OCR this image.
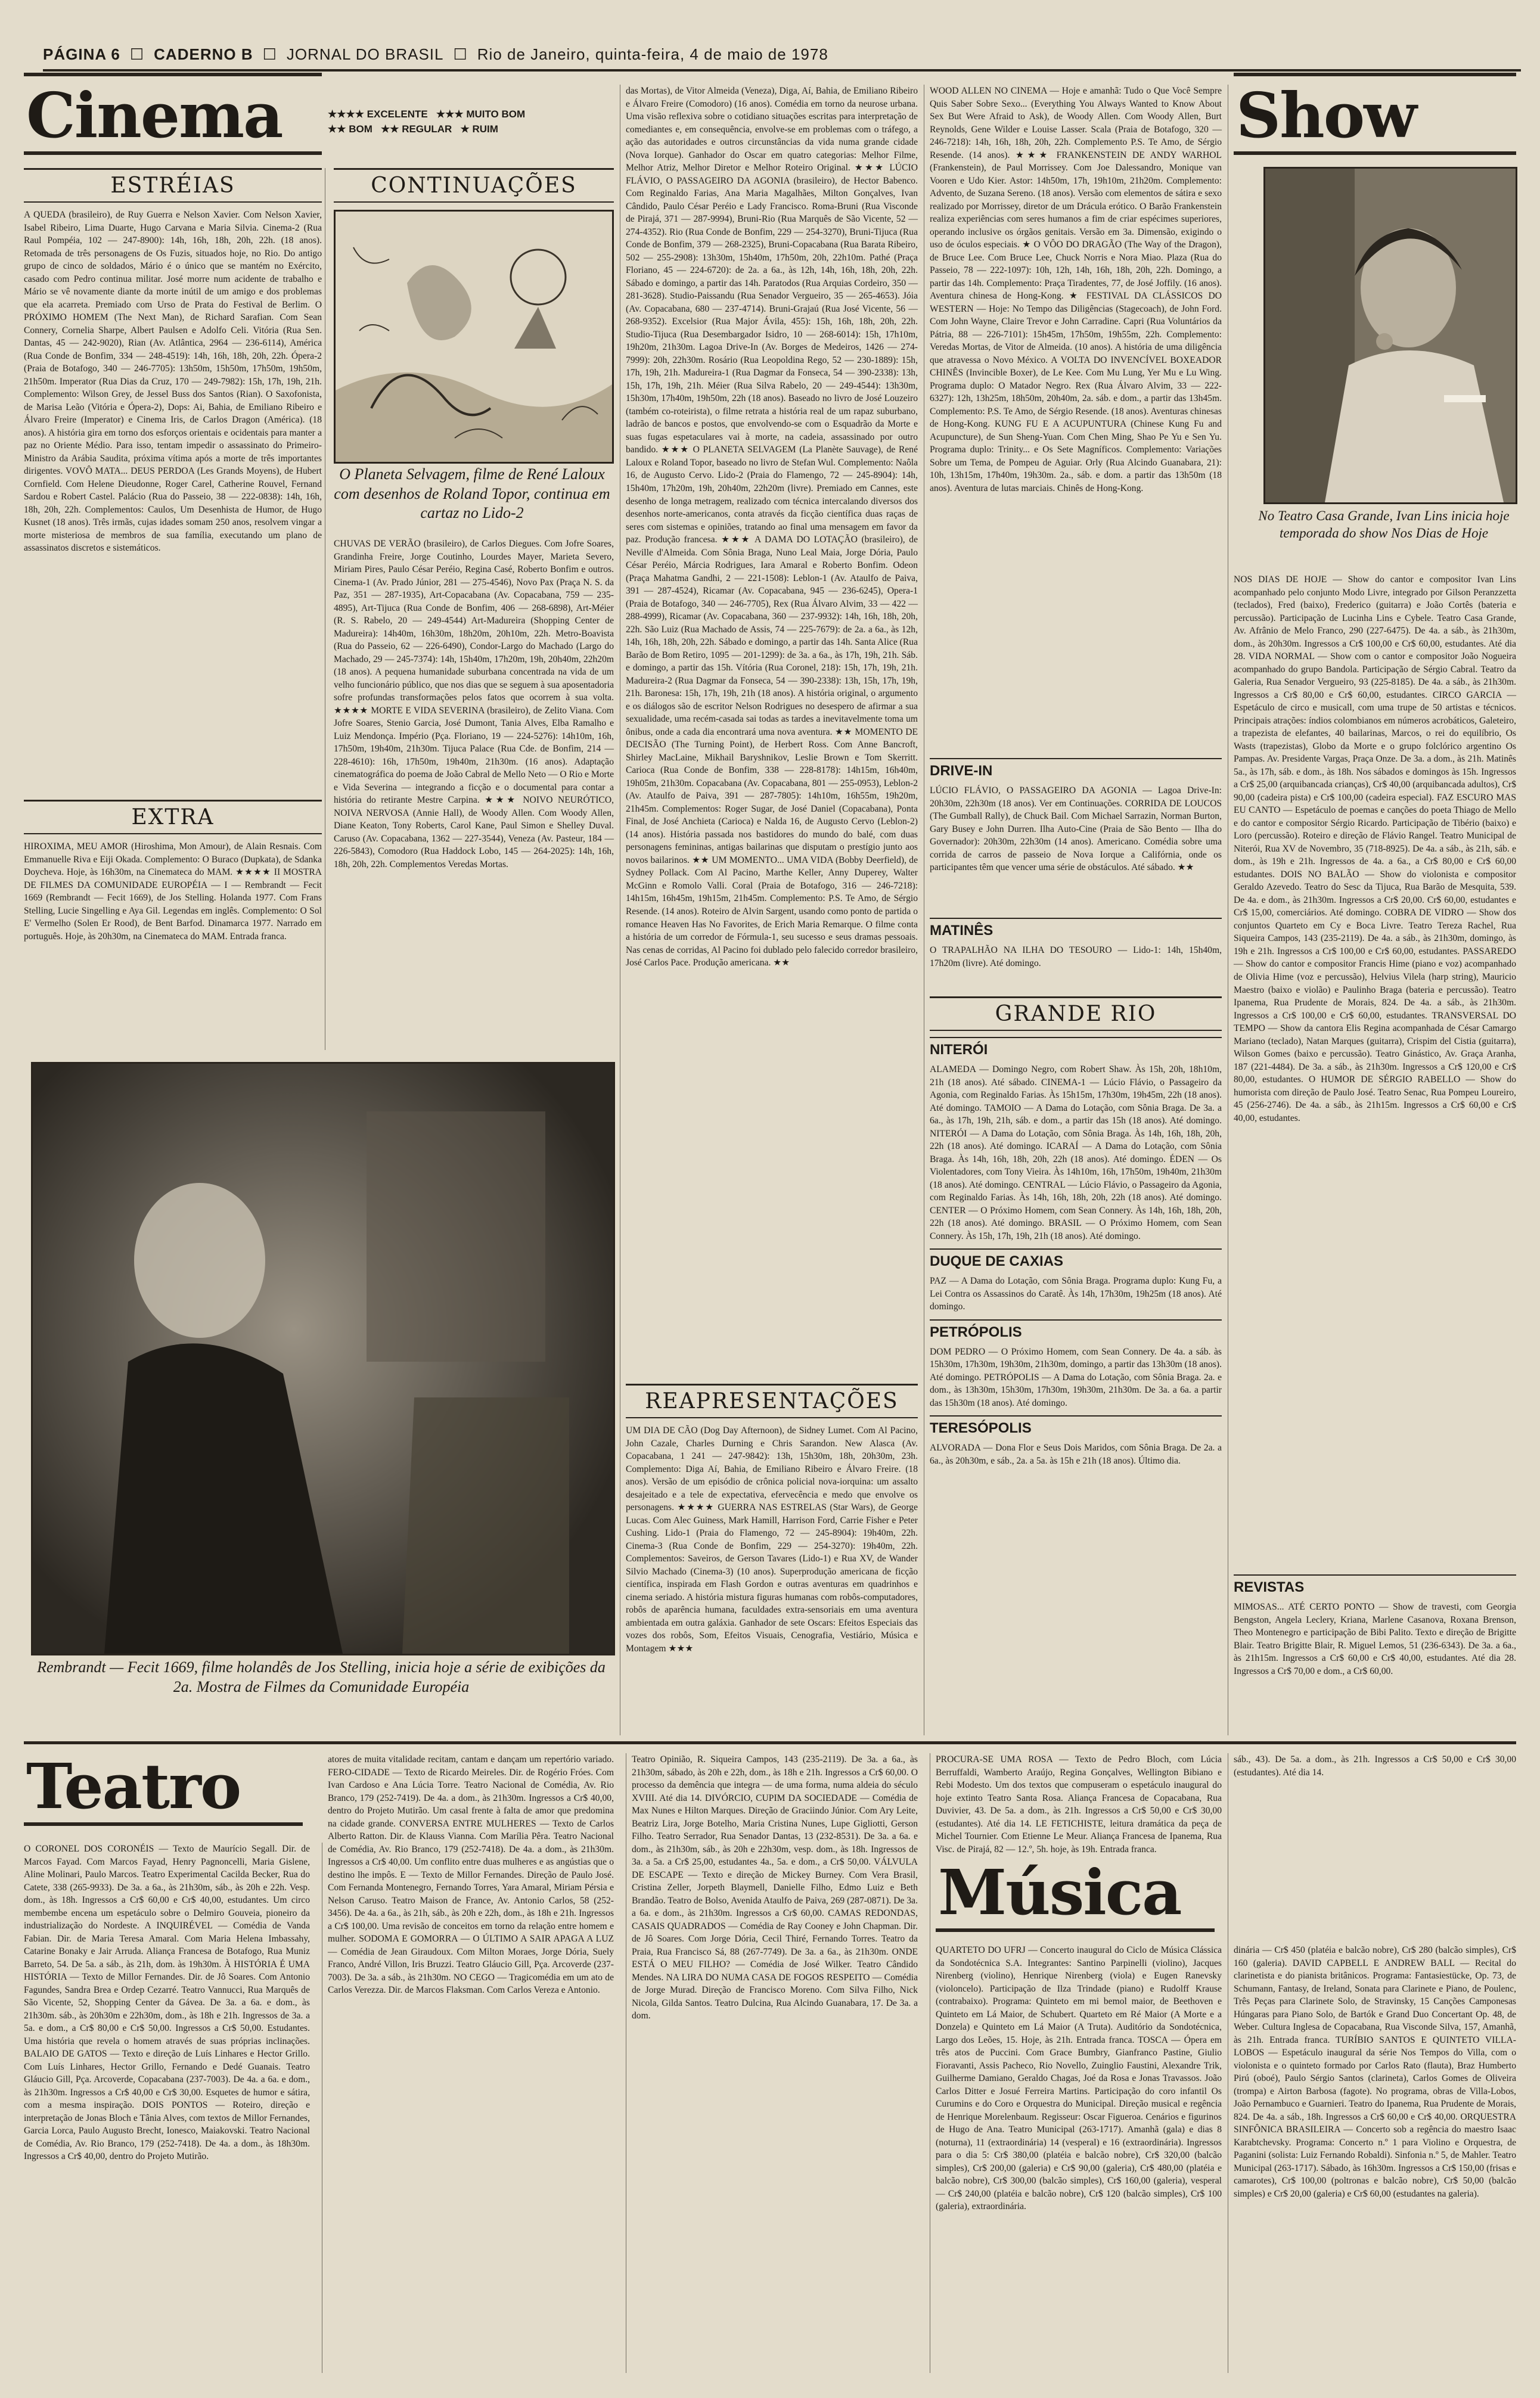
PÁGINA 6 ☐ CADERNO B ☐ JORNAL DO BRASIL ☐ Rio de Janeiro, quinta-feira, 4 de maio de 1978
Cinema	★★★★ EXCELENTE ★★★ MUITO BOM
★★ BOM ★★ REGULAR ★ RUIM
ESTRÉIAS
A QUEDA (brasileiro), de Ruy Guerra e Nelson Xavier. Com Nelson Xavier, Isabel Ribeiro, Lima Duarte, Hugo Carvana e Maria Silvia. Cinema-2 (Rua Raul Pompéia, 102 — 247-8900): 14h, 16h, 18h, 20h, 22h. (18 anos). Retomada de três personagens de Os Fuzis, situados hoje, no Rio. Do antigo grupo de cinco de soldados, Mário é o único que se mantém no Exército, casado com Pedro continua militar. José morre num acidente de trabalho e Mário se vê novamente diante da morte inútil de um amigo e dos problemas que ela acarreta. Premiado com Urso de Prata do Festival de Berlim. O PRÓXIMO HOMEM (The Next Man), de Richard Sarafian. Com Sean Connery, Cornelia Sharpe, Albert Paulsen e Adolfo Celi. Vitória (Rua Sen. Dantas, 45 — 242-9020), Rian (Av. Atlântica, 2964 — 236-6114), América (Rua Conde de Bonfim, 334 — 248-4519): 14h, 16h, 18h, 20h, 22h. Ópera-2 (Praia de Botafogo, 340 — 246-7705): 13h50m, 15h50m, 17h50m, 19h50m, 21h50m. Imperator (Rua Dias da Cruz, 170 — 249-7982): 15h, 17h, 19h, 21h. Complemento: Wilson Grey, de Jessel Buss dos Santos (Rian). O Saxofonista, de Marisa Leão (Vitória e Ópera-2), Dops: Ai, Bahia, de Emiliano Ribeiro e Álvaro Freire (Imperator) e Cinema Iris, de Carlos Dragon (América). (18 anos). A história gira em torno dos esforços orientais e ocidentais para manter a paz no Oriente Médio. Para isso, tentam impedir o assassinato do Primeiro-Ministro da Arábia Saudita, próxima vítima após a morte de três importantes dirigentes. VOVÔ MATA... DEUS PERDOA (Les Grands Moyens), de Hubert Cornfield. Com Helene Dieudonne, Roger Carel, Catherine Rouvel, Fernand Sardou e Robert Castel. Palácio (Rua do Passeio, 38 — 222-0838): 14h, 16h, 18h, 20h, 22h. Complementos: Caulos, Um Desenhista de Humor, de Hugo Kusnet (18 anos). Três irmãs, cujas idades somam 250 anos, resolvem vingar a morte misteriosa de membros de sua família, executando um plano de assassinatos discretos e sistemáticos.
EXTRA
HIROXIMA, MEU AMOR (Hiroshima, Mon Amour), de Alain Resnais. Com Emmanuelle Riva e Eiji Okada. Complemento: O Buraco (Dupkata), de Sdanka Doycheva. Hoje, às 16h30m, na Cinemateca do MAM. ★★★★ II MOSTRA DE FILMES DA COMUNIDADE EUROPÉIA — I — Rembrandt — Fecit 1669 (Rembrandt — Fecit 1669), de Jos Stelling. Holanda 1977. Com Frans Stelling, Lucie Singelling e Aya Gil. Legendas em inglês. Complemento: O Sol E' Vermelho (Solen Er Rood), de Bent Barfod. Dinamarca 1977. Narrado em português. Hoje, às 20h30m, na Cinemateca do MAM. Entrada franca.
CONTINUAÇÕES
O Planeta Selvagem, filme de René Laloux com desenhos de Roland Topor, continua em cartaz no Lido-2
CHUVAS DE VERÃO (brasileiro), de Carlos Diegues. Com Jofre Soares, Grandinha Freire, Jorge Coutinho, Lourdes Mayer, Marieta Severo, Miriam Pires, Paulo César Peréio, Regina Casé, Roberto Bonfim e outros. Cinema-1 (Av. Prado Júnior, 281 — 275-4546), Novo Pax (Praça N. S. da Paz, 351 — 287-1935), Art-Copacabana (Av. Copacabana, 759 — 235-4895), Art-Tijuca (Rua Conde de Bonfim, 406 — 268-6898), Art-Méier (R. S. Rabelo, 20 — 249-4544) Art-Madureira (Shopping Center de Madureira): 14h40m, 16h30m, 18h20m, 20h10m, 22h. Metro-Boavista (Rua do Passeio, 62 — 226-6490), Condor-Largo do Machado (Largo do Machado, 29 — 245-7374): 14h, 15h40m, 17h20m, 19h, 20h40m, 22h20m (18 anos). A pequena humanidade suburbana concentrada na vida de um velho funcionário público, que nos dias que se seguem à sua aposentadoria sofre profundas transformações pelos fatos que ocorrem à sua volta. ★★★★ MORTE E VIDA SEVERINA (brasileiro), de Zelito Viana. Com Jofre Soares, Stenio Garcia, José Dumont, Tania Alves, Elba Ramalho e Luiz Mendonça. Império (Pça. Floriano, 19 — 224-5276): 14h10m, 16h, 17h50m, 19h40m, 21h30m. Tijuca Palace (Rua Cde. de Bonfim, 214 — 228-4610): 16h, 17h50m, 19h40m, 21h30m. (16 anos). Adaptação cinematográfica do poema de João Cabral de Mello Neto — O Rio e Morte e Vida Severina — integrando a ficção e o documental para contar a história do retirante Mestre Carpina. ★★★ NOIVO NEURÓTICO, NOIVA NERVOSA (Annie Hall), de Woody Allen. Com Woody Allen, Diane Keaton, Tony Roberts, Carol Kane, Paul Simon e Shelley Duval. Caruso (Av. Copacabana, 1362 — 227-3544), Veneza (Av. Pasteur, 184 — 226-5843), Comodoro (Rua Haddock Lobo, 145 — 264-2025): 14h, 16h, 18h, 20h, 22h. Complementos Veredas Mortas.
Rembrandt — Fecit 1669, filme holandês de Jos Stelling, inicia hoje a série de exibições da 2a. Mostra de Filmes da Comunidade Européia
das Mortas), de Vitor Almeida (Veneza), Diga, Aí, Bahia, de Emiliano Ribeiro e Álvaro Freire (Comodoro) (16 anos). Comédia em torno da neurose urbana. Uma visão reflexiva sobre o cotidiano situações escritas para interpretação de comediantes e, em consequência, envolve-se em problemas com o tráfego, a ação das autoridades e outros circunstâncias da vida numa grande cidade (Nova Iorque). Ganhador do Oscar em quatro categorias: Melhor Filme, Melhor Atriz, Melhor Diretor e Melhor Roteiro Original. ★★★ LÚCIO FLÁVIO, O PASSAGEIRO DA AGONIA (brasileiro), de Hector Babenco. Com Reginaldo Farias, Ana Maria Magalhães, Milton Gonçalves, Ivan Cândido, Paulo César Peréio e Lady Francisco. Roma-Bruni (Rua Visconde de Pirajá, 371 — 287-9994), Bruni-Rio (Rua Marquês de São Vicente, 52 — 274-4352). Rio (Rua Conde de Bonfim, 229 — 254-3270), Bruni-Tijuca (Rua Conde de Bonfim, 379 — 268-2325), Bruni-Copacabana (Rua Barata Ribeiro, 502 — 255-2908): 13h30m, 15h40m, 17h50m, 20h, 22h10m. Pathé (Praça Floriano, 45 — 224-6720): de 2a. a 6a., às 12h, 14h, 16h, 18h, 20h, 22h. Sábado e domingo, a partir das 14h. Paratodos (Rua Arquias Cordeiro, 350 — 281-3628). Studio-Paissandu (Rua Senador Vergueiro, 35 — 265-4653). Jóia (Av. Copacabana, 680 — 237-4714). Bruni-Grajaú (Rua José Vicente, 56 — 268-9352). Excelsior (Rua Major Ávila, 455): 15h, 16h, 18h, 20h, 22h. Studio-Tijuca (Rua Desembargador Isidro, 10 — 268-6014): 15h, 17h10m, 19h20m, 21h30m. Lagoa Drive-In (Av. Borges de Medeiros, 1426 — 274-7999): 20h, 22h30m. Rosário (Rua Leopoldina Rego, 52 — 230-1889): 15h, 17h, 19h, 21h. Madureira-1 (Rua Dagmar da Fonseca, 54 — 390-2338): 13h, 15h, 17h, 19h, 21h. Méier (Rua Silva Rabelo, 20 — 249-4544): 13h30m, 15h30m, 17h40m, 19h50m, 22h (18 anos). Baseado no livro de José Louzeiro (também co-roteirista), o filme retrata a história real de um rapaz suburbano, ladrão de bancos e postos, que envolvendo-se com o Esquadrão da Morte e suas fugas espetaculares vai à morte, na cadeia, assassinado por outro bandido. ★★★ O PLANETA SELVAGEM (La Planète Sauvage), de René Laloux e Roland Topor, baseado no livro de Stefan Wul. Complemento: Naôla 16, de Augusto Cervo. Lido-2 (Praia do Flamengo, 72 — 245-8904): 14h, 15h40m, 17h20m, 19h, 20h40m, 22h20m (livre). Premiado em Cannes, este desenho de longa metragem, realizado com técnica intercalando diversos dos desenhos norte-americanos, conta através da ficção científica duas raças de seres com sistemas e opiniões, tratando ao final uma mensagem em favor da paz. Produção francesa. ★★★ A DAMA DO LOTAÇÃO (brasileiro), de Neville d'Almeida. Com Sônia Braga, Nuno Leal Maia, Jorge Dória, Paulo César Peréio, Márcia Rodrigues, Iara Amaral e Roberto Bonfim. Odeon (Praça Mahatma Gandhi, 2 — 221-1508): Leblon-1 (Av. Ataulfo de Paiva, 391 — 287-4524), Ricamar (Av. Copacabana, 945 — 236-6245), Opera-1 (Praia de Botafogo, 340 — 246-7705), Rex (Rua Álvaro Alvim, 33 — 422 — 288-4999), Ricamar (Av. Copacabana, 360 — 237-9932): 14h, 16h, 18h, 20h, 22h. São Luiz (Rua Machado de Assis, 74 — 225-7679): de 2a. a 6a., às 12h, 14h, 16h, 18h, 20h, 22h. Sábado e domingo, a partir das 14h. Santa Alice (Rua Barão de Bom Retiro, 1095 — 201-1299): de 3a. a 6a., às 17h, 19h, 21h. Sáb. e domingo, a partir das 15h. Vítória (Rua Coronel, 218): 15h, 17h, 19h, 21h. Madureira-2 (Rua Dagmar da Fonseca, 54 — 390-2338): 13h, 15h, 17h, 19h, 21h. Baronesa: 15h, 17h, 19h, 21h (18 anos). A história original, o argumento e os diálogos são de escritor Nelson Rodrigues no desespero de afirmar a sua sexualidade, uma recém-casada sai todas as tardes a inevitavelmente toma um ônibus, onde a cada dia encontrará uma nova aventura. ★★ MOMENTO DE DECISÃO (The Turning Point), de Herbert Ross. Com Anne Bancroft, Shirley MacLaine, Mikhail Baryshnikov, Leslie Brown e Tom Skerritt. Carioca (Rua Conde de Bonfim, 338 — 228-8178): 14h15m, 16h40m, 19h05m, 21h30m. Copacabana (Av. Copacabana, 801 — 255-0953), Leblon-2 (Av. Ataulfo de Paiva, 391 — 287-7805): 14h10m, 16h55m, 19h20m, 21h45m. Complementos: Roger Sugar, de José Daniel (Copacabana), Ponta Final, de José Anchieta (Carioca) e Nalda 16, de Augusto Cervo (Leblon-2) (14 anos). História passada nos bastidores do mundo do balé, com duas personagens femininas, antigas bailarinas que disputam o prestígio junto aos novos bailarinos. ★★ UM MOMENTO... UMA VIDA (Bobby Deerfield), de Sydney Pollack. Com Al Pacino, Marthe Keller, Anny Duperey, Walter McGinn e Romolo Valli. Coral (Praia de Botafogo, 316 — 246-7218): 14h15m, 16h45m, 19h15m, 21h45m. Complemento: P.S. Te Amo, de Sérgio Resende. (14 anos). Roteiro de Alvin Sargent, usando como ponto de partida o romance Heaven Has No Favorites, de Erich Maria Remarque. O filme conta a história de um corredor de Fórmula-1, seu sucesso e seus dramas pessoais. Nas cenas de corridas, Al Pacino foi dublado pelo falecido corredor brasileiro, José Carlos Pace. Produção americana. ★★
REAPRESENTAÇÕES
UM DIA DE CÃO (Dog Day Afternoon), de Sidney Lumet. Com Al Pacino, John Cazale, Charles Durning e Chris Sarandon. New Alasca (Av. Copacabana, 1 241 — 247-9842): 13h, 15h30m, 18h, 20h30m, 23h. Complemento: Diga Aí, Bahia, de Emiliano Ribeiro e Álvaro Freire. (18 anos). Versão de um episódio de crônica policial nova-iorquina: um assalto desajeitado e a tele de expectativa, efervecência e medo que envolve os personagens. ★★★★ GUERRA NAS ESTRELAS (Star Wars), de George Lucas. Com Alec Guiness, Mark Hamill, Harrison Ford, Carrie Fisher e Peter Cushing. Lido-1 (Praia do Flamengo, 72 — 245-8904): 19h40m, 22h. Cinema-3 (Rua Conde de Bonfim, 229 — 254-3270): 19h40m, 22h. Complementos: Saveiros, de Gerson Tavares (Lido-1) e Rua XV, de Wander Silvio Machado (Cinema-3) (10 anos). Superprodução americana de ficção científica, inspirada em Flash Gordon e outras aventuras em quadrinhos e cinema seriado. A história mistura figuras humanas com robôs-computadores, robôs de aparência humana, faculdades extra-sensoriais em uma aventura ambientada em outra galáxia. Ganhador de sete Oscars: Efeitos Especiais das vozes dos robôs, Som, Efeitos Visuais, Cenografia, Vestiário, Música e Montagem ★★★
WOOD ALLEN NO CINEMA — Hoje e amanhã: Tudo o Que Você Sempre Quis Saber Sobre Sexo... (Everything You Always Wanted to Know About Sex But Were Afraid to Ask), de Woody Allen. Com Woody Allen, Burt Reynolds, Gene Wilder e Louise Lasser. Scala (Praia de Botafogo, 320 — 246-7218): 14h, 16h, 18h, 20h, 22h. Complemento P.S. Te Amo, de Sérgio Resende. (14 anos). ★★★ FRANKENSTEIN DE ANDY WARHOL (Frankenstein), de Paul Morrissey. Com Joe Dalessandro, Monique van Vooren e Udo Kier. Astor: 14h50m, 17h, 19h10m, 21h20m. Complemento: Advento, de Suzana Sereno. (18 anos). Versão com elementos de sátira e sexo realizado por Morrissey, diretor de um Drácula erótico. O Barão Frankenstein realiza experiências com seres humanos a fim de criar espécimes superiores, operando inclusive os órgãos genitais. Versão em 3a. Dimensão, exigindo o uso de óculos especiais. ★ O VÔO DO DRAGÃO (The Way of the Dragon), de Bruce Lee. Com Bruce Lee, Chuck Norris e Nora Miao. Plaza (Rua do Passeio, 78 — 222-1097): 10h, 12h, 14h, 16h, 18h, 20h, 22h. Domingo, a partir das 14h. Complemento: Praça Tiradentes, 77, de José Joffily. (16 anos). Aventura chinesa de Hong-Kong. ★ FESTIVAL DA CLÁSSICOS DO WESTERN — Hoje: No Tempo das Diligências (Stagecoach), de John Ford. Com John Wayne, Claire Trevor e John Carradine. Capri (Rua Voluntários da Pátria, 88 — 226-7101): 15h45m, 17h50m, 19h55m, 22h. Complemento: Veredas Mortas, de Vitor de Almeida. (10 anos). A história de uma diligência que atravessa o Novo México. A VOLTA DO INVENCÍVEL BOXEADOR CHINÊS (Invincible Boxer), de Le Kee. Com Mu Lung, Yer Mu e Lu Wing. Programa duplo: O Matador Negro. Rex (Rua Álvaro Alvim, 33 — 222-6327): 12h, 13h25m, 18h50m, 20h40m, 2a. sáb. e dom., a partir das 13h45m. Complemento: P.S. Te Amo, de Sérgio Resende. (18 anos). Aventuras chinesas de Hong-Kong. KUNG FU E A ACUPUNTURA (Chinese Kung Fu and Acupuncture), de Sun Sheng-Yuan. Com Chen Ming, Shao Pe Yu e Sen Yu. Programa duplo: Trinity... e Os Sete Magníficos. Complemento: Variações Sobre um Tema, de Pompeu de Aguiar. Orly (Rua Alcindo Guanabara, 21): 10h, 13h15m, 17h40m, 19h30m. 2a., sáb. e dom. a partir das 13h50m (18 anos). Aventura de lutas marciais. Chinês de Hong-Kong.
DRIVE-IN
LÚCIO FLÁVIO, O PASSAGEIRO DA AGONIA — Lagoa Drive-In: 20h30m, 22h30m (18 anos). Ver em Continuações. CORRIDA DE LOUCOS (The Gumball Rally), de Chuck Bail. Com Michael Sarrazin, Norman Burton, Gary Busey e John Durren. Ilha Auto-Cine (Praia de São Bento — Ilha do Governador): 20h30m, 22h30m (14 anos). Americano. Comédia sobre uma corrida de carros de passeio de Nova Iorque a Califórnia, onde os participantes têm que vencer uma série de obstáculos. Até sábado. ★★
MATINÊS
O TRAPALHÃO NA ILHA DO TESOURO — Lido-1: 14h, 15h40m, 17h20m (livre). Até domingo.
GRANDE RIO
NITERÓI
ALAMEDA — Domingo Negro, com Robert Shaw. Às 15h, 20h, 18h10m, 21h (18 anos). Até sábado. CINEMA-1 — Lúcio Flávio, o Passageiro da Agonia, com Reginaldo Farias. Às 15h15m, 17h30m, 19h45m, 22h (18 anos). Até domingo. TAMOIO — A Dama do Lotação, com Sônia Braga. De 3a. a 6a., às 17h, 19h, 21h, sáb. e dom., a partir das 15h (18 anos). Até domingo. NITERÓI — A Dama do Lotação, com Sônia Braga. Às 14h, 16h, 18h, 20h, 22h (18 anos). Até domingo. ICARAÍ — A Dama do Lotação, com Sônia Braga. Às 14h, 16h, 18h, 20h, 22h (18 anos). Até domingo. ÉDEN — Os Violentadores, com Tony Vieira. Às 14h10m, 16h, 17h50m, 19h40m, 21h30m (18 anos). Até domingo. CENTRAL — Lúcio Flávio, o Passageiro da Agonia, com Reginaldo Farias. Às 14h, 16h, 18h, 20h, 22h (18 anos). Até domingo. CENTER — O Próximo Homem, com Sean Connery. Às 14h, 16h, 18h, 20h, 22h (18 anos). Até domingo. BRASIL — O Próximo Homem, com Sean Connery. Às 15h, 17h, 19h, 21h (18 anos). Até domingo.
DUQUE DE CAXIAS
PAZ — A Dama do Lotação, com Sônia Braga. Programa duplo: Kung Fu, a Lei Contra os Assassinos do Caratê. Às 14h, 17h30m, 19h25m (18 anos). Até domingo.
PETRÓPOLIS
DOM PEDRO — O Próximo Homem, com Sean Connery. De 4a. a sáb. às 15h30m, 17h30m, 19h30m, 21h30m, domingo, a partir das 13h30m (18 anos). Até domingo. PETRÓPOLIS — A Dama do Lotação, com Sônia Braga. 2a. e dom., às 13h30m, 15h30m, 17h30m, 19h30m, 21h30m. De 3a. a 6a. a partir das 15h30m (18 anos). Até domingo.
TERESÓPOLIS
ALVORADA — Dona Flor e Seus Dois Maridos, com Sônia Braga. De 2a. a 6a., às 20h30m, e sáb., 2a. a 5a. às 15h e 21h (18 anos). Último dia.
Show
No Teatro Casa Grande, Ivan Lins inicia hoje temporada do show Nos Dias de Hoje
NOS DIAS DE HOJE — Show do cantor e compositor Ivan Lins acompanhado pelo conjunto Modo Livre, integrado por Gilson Peranzzetta (teclados), Fred (baixo), Frederico (guitarra) e João Cortês (bateria e percussão). Participação de Lucinha Lins e Cybele. Teatro Casa Grande, Av. Afrânio de Melo Franco, 290 (227-6475). De 4a. a sáb., às 21h30m, dom., às 20h30m. Ingressos a Cr$ 100,00 e Cr$ 60,00, estudantes. Até dia 28. VIDA NORMAL — Show com o cantor e compositor João Nogueira acompanhado do grupo Bandola. Participação de Sérgio Cabral. Teatro da Galeria, Rua Senador Vergueiro, 93 (225-8185). De 4a. a sáb., às 21h30m. Ingressos a Cr$ 80,00 e Cr$ 60,00, estudantes. CIRCO GARCIA — Espetáculo de circo e musicall, com uma trupe de 50 artistas e técnicos. Principais atrações: índios colombianos em números acrobáticos, Galeteiro, a trapezista de elefantes, 40 bailarinas, Marcos, o rei do equilíbrio, Os Wasts (trapezistas), Globo da Morte e o grupo folclórico argentino Os Pampas. Av. Presidente Vargas, Praça Onze. De 3a. a dom., às 21h. Matinês 5a., às 17h, sáb. e dom., às 18h. Nos sábados e domingos às 15h. Ingressos a Cr$ 25,00 (arquibancada crianças), Cr$ 40,00 (arquibancada adultos), Cr$ 90,00 (cadeira pista) e Cr$ 100,00 (cadeira especial). FAZ ESCURO MAS EU CANTO — Espetáculo de poemas e canções do poeta Thiago de Mello e do cantor e compositor Sérgio Ricardo. Participação de Tibério (baixo) e Loro (percussão). Roteiro e direção de Flávio Rangel. Teatro Municipal de Niterói, Rua XV de Novembro, 35 (718-8925). De 4a. a sáb., às 21h, sáb. e dom., às 19h e 21h. Ingressos de 4a. a 6a., a Cr$ 80,00 e Cr$ 60,00 estudantes. DOIS NO BALÃO — Show do violonista e compositor Geraldo Azevedo. Teatro do Sesc da Tijuca, Rua Barão de Mesquita, 539. De 4a. e dom., às 21h30m. Ingressos a Cr$ 20,00. Cr$ 60,00, estudantes e Cr$ 15,00, comerciários. Até domingo. COBRA DE VIDRO — Show dos conjuntos Quarteto em Cy e Boca Livre. Teatro Tereza Rachel, Rua Siqueira Campos, 143 (235-2119). De 4a. a sáb., às 21h30m, domingo, às 19h e 21h. Ingressos a Cr$ 100,00 e Cr$ 60,00, estudantes. PASSAREDO — Show do cantor e compositor Francis Hime (piano e voz) acompanhado de Olivia Hime (voz e percussão), Helvius Vilela (harp string), Mauricio Maestro (baixo e violão) e Paulinho Braga (bateria e percussão). Teatro Ipanema, Rua Prudente de Morais, 824. De 4a. a sáb., às 21h30m. Ingressos a Cr$ 100,00 e Cr$ 60,00, estudantes. TRANSVERSAL DO TEMPO — Show da cantora Elis Regina acompanhada de César Camargo Mariano (teclado), Natan Marques (guitarra), Crispim del Cistia (guitarra), Wilson Gomes (baixo e percussão). Teatro Ginástico, Av. Graça Aranha, 187 (221-4484). De 3a. a sáb., às 21h30m. Ingressos a Cr$ 120,00 e Cr$ 80,00, estudantes. O HUMOR DE SÉRGIO RABELLO — Show do humorista com direção de Paulo José. Teatro Senac, Rua Pompeu Loureiro, 45 (256-2746). De 4a. a sáb., às 21h15m. Ingressos a Cr$ 60,00 e Cr$ 40,00, estudantes.
REVISTAS
MIMOSAS... ATÉ CERTO PONTO — Show de travesti, com Georgia Bengston, Angela Leclery, Kriana, Marlene Casanova, Roxana Brenson, Theo Montenegro e participação de Bibi Palito. Texto e direção de Brigitte Blair. Teatro Brigitte Blair, R. Miguel Lemos, 51 (236-6343). De 3a. a 6a., às 21h15m. Ingressos a Cr$ 60,00 e Cr$ 40,00, estudantes. Até dia 28. Ingressos a Cr$ 70,00 e dom., a Cr$ 60,00.
Teatro
O CORONEL DOS CORONÉIS — Texto de Maurício Segall. Dir. de Marcos Fayad. Com Marcos Fayad, Henry Pagnoncelli, Maria Gislene, Aline Molinari, Paulo Marcos. Teatro Experimental Cacilda Becker, Rua do Catete, 338 (265-9933). De 3a. a 6a., às 21h30m, sáb., às 20h e 22h. Vesp. dom., às 18h. Ingressos a Cr$ 60,00 e Cr$ 40,00, estudantes. Um circo membembe encena um espetáculo sobre o Delmiro Gouveia, pioneiro da industrialização do Nordeste. A INQUIRÉVEL — Comédia de Vanda Fabian. Dir. de Maria Teresa Amaral. Com Maria Helena Imbassahy, Catarine Bonaky e Jair Arruda. Aliança Francesa de Botafogo, Rua Muniz Barreto, 54. De 5a. a sáb., às 21h, dom. às 19h30m. À HISTÓRIA É UMA HISTÓRIA — Texto de Millor Fernandes. Dir. de Jô Soares. Com Antonio Fagundes, Sandra Brea e Ordep Cezarré. Teatro Vannucci, Rua Marquês de São Vicente, 52, Shopping Center da Gávea. De 3a. a 6a. e dom., às 21h30m. sáb., às 20h30m e 22h30m, dom., às 18h e 21h. Ingressos de 3a. a 5a. e dom., a Cr$ 80,00 e Cr$ 50,00. Ingressos a Cr$ 50,00. Estudantes. Uma história que revela o homem através de suas próprias inclinações. BALAIO DE GATOS — Texto e direção de Luís Linhares e Hector Grillo. Com Luís Linhares, Hector Grillo, Fernando e Dedé Guanais. Teatro Gláucio Gill, Pça. Arcoverde, Copacabana (237-7003). De 4a. a 6a. e dom., às 21h30m. Ingressos a Cr$ 40,00 e Cr$ 30,00. Esquetes de humor e sátira, com a mesma inspiração. DOIS PONTOS — Roteiro, direção e interpretação de Jonas Bloch e Tânia Alves, com textos de Millor Fernandes, Garcia Lorca, Paulo Augusto Brecht, Ionesco, Maiakovski. Teatro Nacional de Comédia, Av. Rio Branco, 179 (252-7418). De 4a. a dom., às 18h30m. Ingressos a Cr$ 40,00, dentro do Projeto Mutirão.
atores de muita vitalidade recitam, cantam e dançam um repertório variado. FERO-CIDADE — Texto de Ricardo Meireles. Dir. de Rogério Fróes. Com Ivan Cardoso e Ana Lúcia Torre. Teatro Nacional de Comédia, Av. Rio Branco, 179 (252-7419). De 4a. a dom., às 21h30m. Ingressos a Cr$ 40,00, dentro do Projeto Mutirão. Um casal frente à falta de amor que predomina na cidade grande. CONVERSA ENTRE MULHERES — Texto de Carlos Alberto Ratton. Dir. de Klauss Vianna. Com Marília Pêra. Teatro Nacional de Comédia, Av. Rio Branco, 179 (252-7418). De 4a. a dom., às 21h30m. Ingressos a Cr$ 40,00. Um conflito entre duas mulheres e as angústias que o destino lhe impôs. E — Texto de Millor Fernandes. Direção de Paulo José. Com Fernanda Montenegro, Fernando Torres, Yara Amaral, Miriam Pérsia e Nelson Caruso. Teatro Maison de France, Av. Antonio Carlos, 58 (252-3456). De 4a. a 6a., às 21h, sáb., às 20h e 22h, dom., às 18h e 21h. Ingressos a Cr$ 100,00. Uma revisão de conceitos em torno da relação entre homem e mulher. SODOMA E GOMORRA — O ÚLTIMO A SAIR APAGA A LUZ — Comédia de Jean Giraudoux. Com Milton Moraes, Jorge Dória, Suely Franco, André Villon, Iris Bruzzi. Teatro Gláucio Gill, Pça. Arcoverde (237-7003). De 3a. a sáb., às 21h30m. NO CEGO — Tragicomédia em um ato de Carlos Verezza. Dir. de Marcos Flaksman. Com Carlos Vereza e Antonio.
Teatro Opinião, R. Siqueira Campos, 143 (235-2119). De 3a. a 6a., às 21h30m, sábado, às 20h e 22h, dom., às 18h e 21h. Ingressos a Cr$ 60,00. O processo da demência que integra — de uma forma, numa aldeia do século XVIII. Até dia 14. DIVÓRCIO, CUPIM DA SOCIEDADE — Comédia de Max Nunes e Hilton Marques. Direção de Graciindo Júnior. Com Ary Leite, Beatriz Lira, Jorge Botelho, Maria Cristina Nunes, Lupe Gigliotti, Gerson Filho. Teatro Serrador, Rua Senador Dantas, 13 (232-8531). De 3a. a 6a. e dom., às 21h30m, sáb., às 20h e 22h30m, vesp. dom., às 18h. Ingressos de 3a. a 5a. a Cr$ 25,00, estudantes 4a., 5a. e dom., a Cr$ 50,00. VÁLVULA DE ESCAPE — Texto e direção de Mickey Burney. Com Vera Brasil, Cristina Zeller, Jorpeth Blaymell, Danielle Filho, Edmo Luiz e Beth Brandão. Teatro de Bolso, Avenida Ataulfo de Paiva, 269 (287-0871). De 3a. a 6a. e dom., às 21h30m. Ingressos a Cr$ 60,00. CAMAS REDONDAS, CASAIS QUADRADOS — Comédia de Ray Cooney e John Chapman. Dir. de Jô Soares. Com Jorge Dória, Cecil Thiré, Fernando Torres. Teatro da Praia, Rua Francisco Sá, 88 (267-7749). De 3a. a 6a., às 21h30m. ONDE ESTÁ O MEU FILHO? — Comédia de José Wilker. Teatro Cândido Mendes. NA LIRA DO NUMA CASA DE FOGOS RESPEITO — Comédia de Jorge Murad. Direção de Francisco Moreno. Com Silva Filho, Nick Nicola, Gilda Santos. Teatro Dulcina, Rua Alcindo Guanabara, 17. De 3a. a dom.
PROCURA-SE UMA ROSA — Texto de Pedro Bloch, com Lúcia Berruffaldi, Wamberto Araújo, Regina Gonçalves, Wellington Bibiano e Rebi Modesto. Um dos textos que compuseram o espetáculo inaugural do hoje extinto Teatro Santa Rosa. Aliança Francesa de Copacabana, Rua Duvivier, 43. De 5a. a dom., às 21h. Ingressos a Cr$ 50,00 e Cr$ 30,00 (estudantes). Até dia 14. LE FETICHISTE, leitura dramática da peça de Michel Tournier. Com Etienne Le Meur. Aliança Francesa de Ipanema, Rua Visc. de Pirajá, 82 — 12.º, 5h. hoje, às 19h. Entrada franca.
sáb., 43). De 5a. a dom., às 21h. Ingressos a Cr$ 50,00 e Cr$ 30,00 (estudantes). Até dia 14.
Música
QUARTETO DO UFRJ — Concerto inaugural do Ciclo de Música Clássica da Sondotécnica S.A. Integrantes: Santino Parpinelli (violino), Jacques Nirenberg (violino), Henrique Nirenberg (viola) e Eugen Ranevsky (violoncelo). Participação de Ilza Trindade (piano) e Rudolff Krause (contrabaixo). Programa: Quinteto em mi bemol maior, de Beethoven e Quinteto em Lá Maior, de Schubert. Quarteto em Ré Maior (A Morte e a Donzela) e Quinteto em Lá Maior (A Truta). Auditório da Sondotécnica, Largo dos Leões, 15. Hoje, às 21h. Entrada franca. TOSCA — Ópera em três atos de Puccini. Com Grace Bumbry, Gianfranco Pastine, Giulio Fioravanti, Assis Pacheco, Rio Novello, Zuinglio Faustini, Alexandre Trik, Guilherme Damiano, Geraldo Chagas, Joé da Rosa e Jonas Travassos. João Carlos Ditter e Josué Ferreira Martins. Participação do coro infantil Os Curumins e do Coro e Orquestra do Municipal. Direção musical e regência de Henrique Morelenbaum. Regisseur: Oscar Figueroa. Cenários e figurinos de Hugo de Ana. Teatro Municipal (263-1717). Amanhã (gala) e dias 8 (noturna), 11 (extraordinária) 14 (vesperal) e 16 (extraordinária). Ingressos para o dia 5: Cr$ 380,00 (platéia e balcão nobre), Cr$ 320,00 (balcão simples), Cr$ 200,00 (galeria) e Cr$ 90,00 (galeria), Cr$ 480,00 (platéia e balcão nobre), Cr$ 300,00 (balcão simples), Cr$ 160,00 (galeria), vesperal — Cr$ 240,00 (platéia e balcão nobre), Cr$ 120 (balcão simples), Cr$ 100 (galeria), extraordinária.
dinária — Cr$ 450 (platéia e balcão nobre), Cr$ 280 (balcão simples), Cr$ 160 (galeria). DAVID CAPBELL E ANDREW BALL — Recital do clarinetista e do pianista britânicos. Programa: Fantasiestücke, Op. 73, de Schumann, Fantasy, de Ireland, Sonata para Clarinete e Piano, de Poulenc, Três Peças para Clarinete Solo, de Stravinsky, 15 Canções Camponesas Húngaras para Piano Solo, de Bartók e Grand Duo Concertant Op. 48, de Weber. Cultura Inglesa de Copacabana, Rua Visconde Silva, 157, Amanhã, às 21h. Entrada franca. TURÍBIO SANTOS E QUINTETO VILLA-LOBOS — Espetáculo inaugural da série Nos Tempos do Villa, com o violonista e o quinteto formado por Carlos Rato (flauta), Braz Humberto Pirú (oboé), Paulo Sérgio Santos (clarineta), Carlos Gomes de Oliveira (trompa) e Airton Barbosa (fagote). No programa, obras de Villa-Lobos, João Pernambuco e Guarnieri. Teatro do Ipanema, Rua Prudente de Morais, 824. De 4a. a sáb., 18h. Ingressos a Cr$ 60,00 e Cr$ 40,00. ORQUESTRA SINFÔNICA BRASILEIRA — Concerto sob a regência do maestro Isaac Karabtchevsky. Programa: Concerto n.º 1 para Violino e Orquestra, de Paganini (solista: Luiz Fernando Robaldi). Sinfonia n.º 5, de Mahler. Teatro Municipal (263-1717). Sábado, às 16h30m. Ingressos a Cr$ 150,00 (frisas e camarotes), Cr$ 100,00 (poltronas e balcão nobre), Cr$ 50,00 (balcão simples) e Cr$ 20,00 (galeria) e Cr$ 60,00 (estudantes na galeria).
